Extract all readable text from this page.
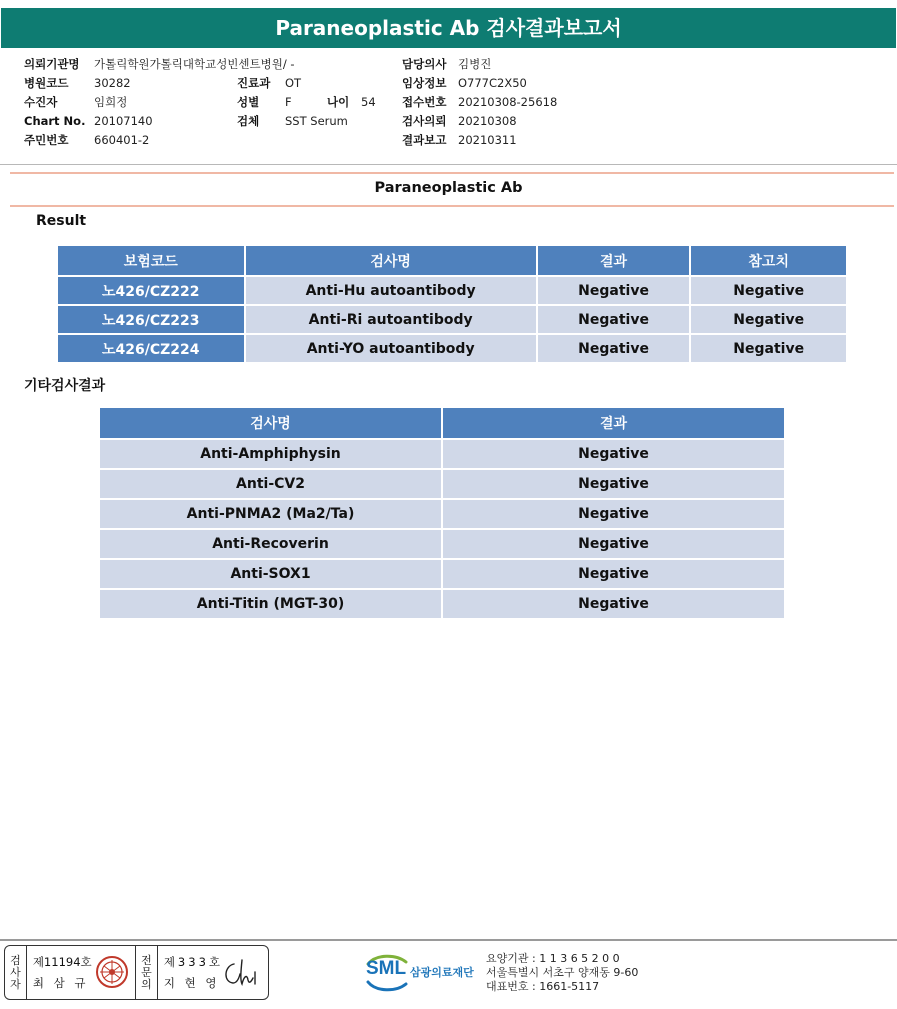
Paraneoplastic Ab 검사결과보고서
의뢰기관명	가톨릭학원가톨릭대학교성빈센트병원/ -
병원코드	30282
수진자	임희정
Chart No. 20107140
주민번호	660401-2
진료과	OT
성별	F	나이	54
검체	SST Serum
담당의사	김병진
임상정보	O777C2X50
접수번호	20210308-25618
검사의뢰	20210308
결과보고	20210311
Paraneoplastic Ab
Result
보험코드	검사명	결과	참고치
노426/CZ222	Anti-Hu autoantibody	Negative	Negative
노426/CZ223	Anti-Ri autoantibody	Negative	Negative
노426/CZ224	Anti-YO autoantibody	Negative	Negative
기타검사결과
검사명	결과
Anti-Amphiphysin	Negative
Anti-CV2	Negative
Anti-PNMA2 (Ma2/Ta)	Negative
Anti-Recoverin	Negative
Anti-SOX1	Negative
Anti-Titin (MGT-30)	Negative
검
사
자
제11194호
최 삼 규
전
문
의
제333호
지 현 영
SML 삼광의료재단
요양기관 : 1 1 3 6 5 2 0 0
서울특별시 서초구 양재동 9-60
대표번호 : 1661-5117
